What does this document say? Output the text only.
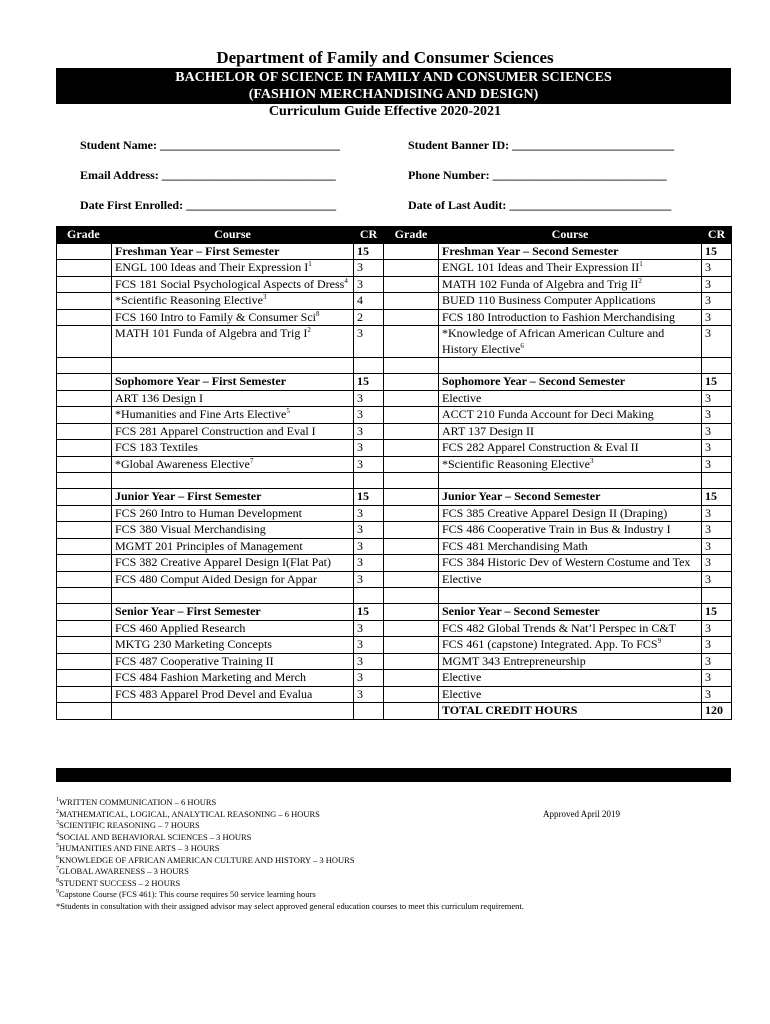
Department of Family and Consumer Sciences
BACHELOR OF SCIENCE IN FAMILY AND CONSUMER SCIENCES
(FASHION MERCHANDISING AND DESIGN)
Curriculum Guide Effective 2020-2021
Student Name: ______________________________	Student Banner ID: ___________________________
Email Address: _____________________________	Phone Number: _____________________________
Date First Enrolled: _________________________	Date of Last Audit: ___________________________
Grade	Course	CR	Grade	Course	CR
	Freshman Year – First Semester	15		Freshman Year – Second Semester	15
	ENGL 100 Ideas and Their Expression $I^1$	3		ENGL 101 Ideas and Their Expression $II^1$	3
	FCS 181 Social Psychological Aspects of Dress$^4$	3		MATH 102 Funda of Algebra and Trig $II^2$	3
	*Scientific Reasoning Elective$^3$	4		BUED 110 Business Computer Applications	3
	FCS 160 Intro to Family & Consumer Sci$^8$	2		FCS 180 Introduction to Fashion Merchandising	3
	MATH 101 Funda of Algebra and Trig $I^2$	3		*Knowledge of African American Culture and History Elective$^6$	3

	Sophomore Year – First Semester	15		Sophomore Year – Second Semester	15
	ART 136 Design I	3		Elective	3
	*Humanities and Fine Arts Elective$^5$	3		ACCT 210 Funda Account for Deci Making	3
	FCS 281 Apparel Construction and Eval I	3		ART 137 Design II	3
	FCS 183 Textiles	3		FCS 282 Apparel Construction & Eval II	3
	*Global Awareness Elective$^7$	3		*Scientific Reasoning Elective$^3$	3

	Junior Year – First Semester	15		Junior Year – Second Semester	15
	FCS 260 Intro to Human Development	3		FCS 385 Creative Apparel Design II (Draping)	3
	FCS 380 Visual Merchandising	3		FCS 486 Cooperative Train in Bus & Industry I	3
	MGMT 201 Principles of Management	3		FCS 481 Merchandising Math	3
	FCS 382 Creative Apparel Design I(Flat Pat)	3		FCS 384 Historic Dev of Western Costume and Tex	3
	FCS 480 Comput Aided Design for Appar	3		Elective	3

	Senior Year – First Semester	15		Senior Year – Second Semester	15
	FCS 460 Applied Research	3		FCS 482 Global Trends & Nat’l Perspec in C&T	3
	MKTG 230 Marketing Concepts	3		FCS 461 (capstone) Integrated. App. To FCS$^9$	3
	FCS 487 Cooperative Training II	3		MGMT 343 Entrepreneurship	3
	FCS 484 Fashion Marketing and Merch	3		Elective	3
	FCS 483 Apparel Prod Devel and Evalua	3		Elective	3
				TOTAL CREDIT HOURS	120
$^1$WRITTEN COMMUNICATION – 6 HOURS
$^2$MATHEMATICAL, LOGICAL, ANALYTICAL REASONING – 6 HOURS
$^3$SCIENTIFIC REASONING – 7 HOURS
$^4$SOCIAL AND BEHAVIORAL SCIENCES – 3 HOURS
$^5$HUMANITIES AND FINE ARTS – 3 HOURS
$^6$KNOWLEDGE OF AFRICAN AMERICAN CULTURE AND HISTORY – 3 HOURS
$^7$GLOBAL AWARENESS – 3 HOURS
$^8$STUDENT SUCCESS – 2 HOURS
$^9$Capstone Course (FCS 461): This course requires 50 service learning hours
*Students in consultation with their assigned advisor may select approved general education courses to meet this curriculum requirement.
Approved April 2019
